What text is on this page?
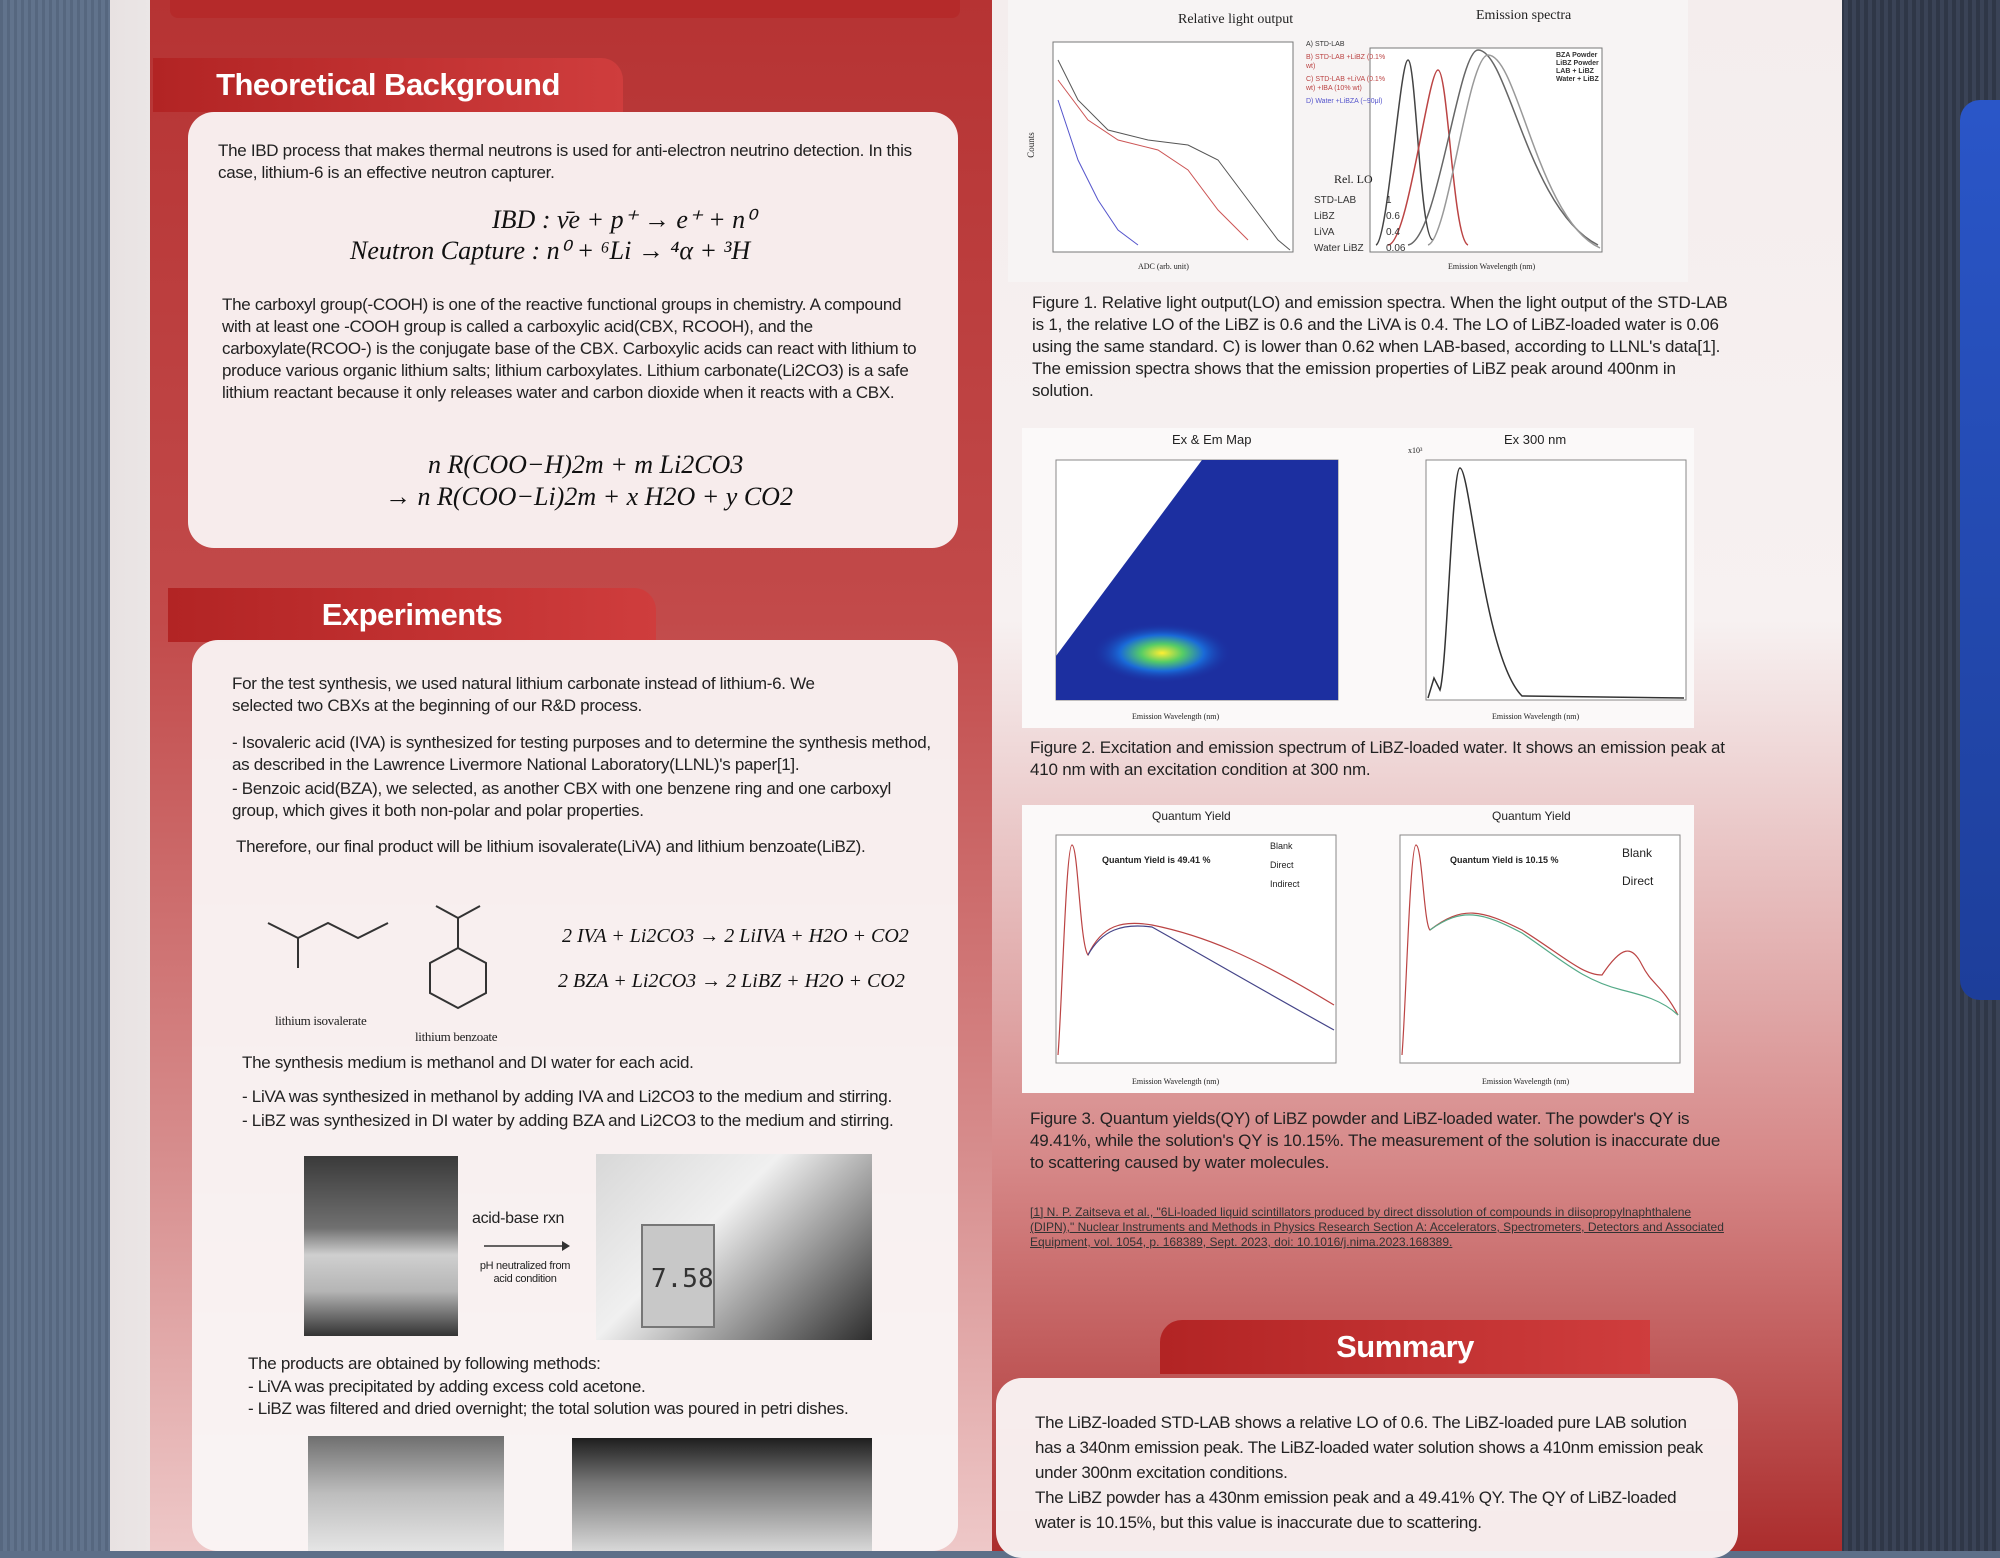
Theoretical Background
The IBD process that makes thermal neutrons is used for anti-electron neutrino detection. In this case, lithium-6 is an effective neutron capturer.
IBD : ν̄e + p⁺ → e⁺ + n⁰
Neutron Capture : n⁰ + ⁶Li → ⁴α + ³H
The carboxyl group(-COOH) is one of the reactive functional groups in chemistry. A compound with at least one -COOH group is called a carboxylic acid(CBX, RCOOH), and the carboxylate(RCOO-) is the conjugate base of the CBX. Carboxylic acids can react with lithium to produce various organic lithium salts; lithium carboxylates. Lithium carbonate(Li2CO3) is a safe lithium reactant because it only releases water and carbon dioxide when it reacts with a CBX.
n R(COO−H)2m + m Li2CO3
→ n R(COO−Li)2m + x H2O + y CO2
Experiments
For the test synthesis, we used natural lithium carbonate instead of lithium-6. We selected two CBXs at the beginning of our R&D process.
- Isovaleric acid (IVA) is synthesized for testing purposes and to determine the synthesis method, as described in the Lawrence Livermore National Laboratory(LLNL)'s paper[1].
- Benzoic acid(BZA), we selected, as another CBX with one benzene ring and one carboxyl group, which gives it both non-polar and polar properties.
Therefore, our final product will be lithium isovalerate(LiVA) and lithium benzoate(LiBZ).
lithium isovalerate
lithium benzoate
2 IVA + Li2CO3 → 2 LiIVA + H2O + CO2
2 BZA + Li2CO3 → 2 LiBZ + H2O + CO2
The synthesis medium is methanol and DI water for each acid.
- LiVA was synthesized in methanol by adding IVA and Li2CO3 to the medium and stirring.
- LiBZ was synthesized in DI water by adding BZA and Li2CO3 to the medium and stirring.
acid-base rxn
pH neutralized from acid condition	7.58
The products are obtained by following methods:
- LiVA was precipitated by adding excess cold acetone.
- LiBZ was filtered and dried overnight; the total solution was poured in petri dishes.
Relative light output	Emission spectra
Counts
ADC (arb. unit)
A) STD-LAB
B) STD-LAB +LiBZ (0.1% wt)
C) STD-LAB +LiVA (0.1% wt) +IBA (10% wt)
D) Water +LiBZA (~90μl)
Rel. LO
STD-LAB	1
LiBZ	0.6
LiVA	0.4
Water LiBZ 0.06
BZA Powder
LiBZ Powder
LAB + LiBZ
Water + LiBZ
Emission Wavelength (nm)
Figure 1. Relative light output(LO) and emission spectra. When the light output of the STD-LAB is 1, the relative LO of the LiBZ is 0.6 and the LiVA is 0.4. The LO of LiBZ-loaded water is 0.06 using the same standard. C) is lower than 0.62 when LAB-based, according to LLNL's data[1]. The emission spectra shows that the emission properties of LiBZ peak around 400nm in solution.
Ex & Em Map	Ex 300 nm
Emission Wavelength (nm)	Emission Wavelength (nm)
x10³
Figure 2. Excitation and emission spectrum of LiBZ-loaded water. It shows an emission peak at 410 nm with an excitation condition at 300 nm.
Quantum Yield	Quantum Yield
Quantum Yield is 49.41 %	Quantum Yield is 10.15 %
Blank
Direct
Indirect
Blank
Direct
Emission Wavelength (nm)	Emission Wavelength (nm)
Figure 3. Quantum yields(QY) of LiBZ powder and LiBZ-loaded water. The powder's QY is 49.41%, while the solution's QY is 10.15%. The measurement of the solution is inaccurate due to scattering caused by water molecules.
[1] N. P. Zaitseva et al., "6Li-loaded liquid scintillators produced by direct dissolution of compounds in diisopropylnaphthalene (DIPN)," Nuclear Instruments and Methods in Physics Research Section A: Accelerators, Spectrometers, Detectors and Associated Equipment, vol. 1054, p. 168389, Sept. 2023, doi: 10.1016/j.nima.2023.168389.
Summary
The LiBZ-loaded STD-LAB shows a relative LO of 0.6. The LiBZ-loaded pure LAB solution has a 340nm emission peak. The LiBZ-loaded water solution shows a 410nm emission peak under 300nm excitation conditions.
The LiBZ powder has a 430nm emission peak and a 49.41% QY. The QY of LiBZ-loaded water is 10.15%, but this value is inaccurate due to scattering.
